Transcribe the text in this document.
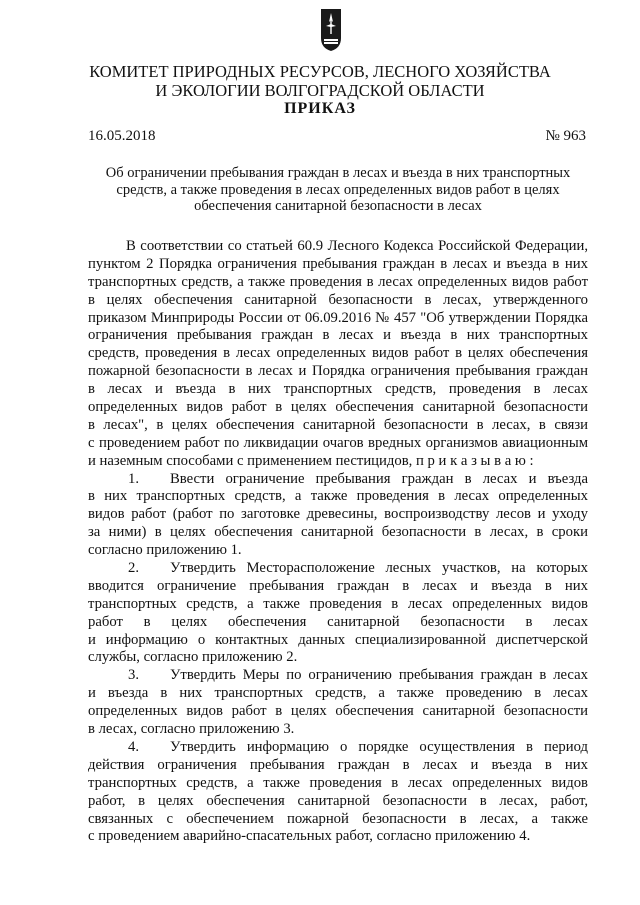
КОМИТЕТ ПРИРОДНЫХ РЕСУРСОВ, ЛЕСНОГО ХОЗЯЙСТВА
И ЭКОЛОГИИ ВОЛГОГРАДСКОЙ ОБЛАСТИ
ПРИКАЗ
16.05.2018	№ 963
Об ограничении пребывания граждан в лесах и въезда в них транспортных
средств, а также проведения в лесах определенных видов работ в целях
обеспечения санитарной безопасности в лесах
В соответствии со статьей 60.9 Лесного Кодекса Российской Федерации,
пунктом 2 Порядка ограничения пребывания граждан в лесах и въезда в них
транспортных средств, а также проведения в лесах определенных видов работ
в целях обеспечения санитарной безопасности в лесах, утвержденного
приказом Минприроды России от 06.09.2016 № 457 "Об утверждении Порядка
ограничения пребывания граждан в лесах и въезда в них транспортных
средств, проведения в лесах определенных видов работ в целях обеспечения
пожарной безопасности в лесах и Порядка ограничения пребывания граждан
в лесах и въезда в них транспортных средств, проведения в лесах
определенных видов работ в целях обеспечения санитарной безопасности
в лесах", в целях обеспечения санитарной безопасности в лесах, в связи
с проведением работ по ликвидации очагов вредных организмов авиационным
и наземным способами с применением пестицидов, п р и к а з ы в а ю :
1. Ввести ограничение пребывания граждан в лесах и въезда
в них транспортных средств, а также проведения в лесах определенных
видов работ (работ по заготовке древесины, воспроизводству лесов и уходу
за ними) в целях обеспечения санитарной безопасности в лесах, в сроки
согласно приложению 1.
2. Утвердить Месторасположение лесных участков, на которых
вводится ограничение пребывания граждан в лесах и въезда в них
транспортных средств, а также проведения в лесах определенных видов
работ в целях обеспечения санитарной безопасности в лесах
и информацию о контактных данных специализированной диспетчерской
службы, согласно приложению 2.
3. Утвердить Меры по ограничению пребывания граждан в лесах
и въезда в них транспортных средств, а также проведению в лесах
определенных видов работ в целях обеспечения санитарной безопасности
в лесах, согласно приложению 3.
4. Утвердить информацию о порядке осуществления в период
действия ограничения пребывания граждан в лесах и въезда в них
транспортных средств, а также проведения в лесах определенных видов
работ, в целях обеспечения санитарной безопасности в лесах, работ,
связанных с обеспечением пожарной безопасности в лесах, а также
с проведением аварийно-спасательных работ, согласно приложению 4.
